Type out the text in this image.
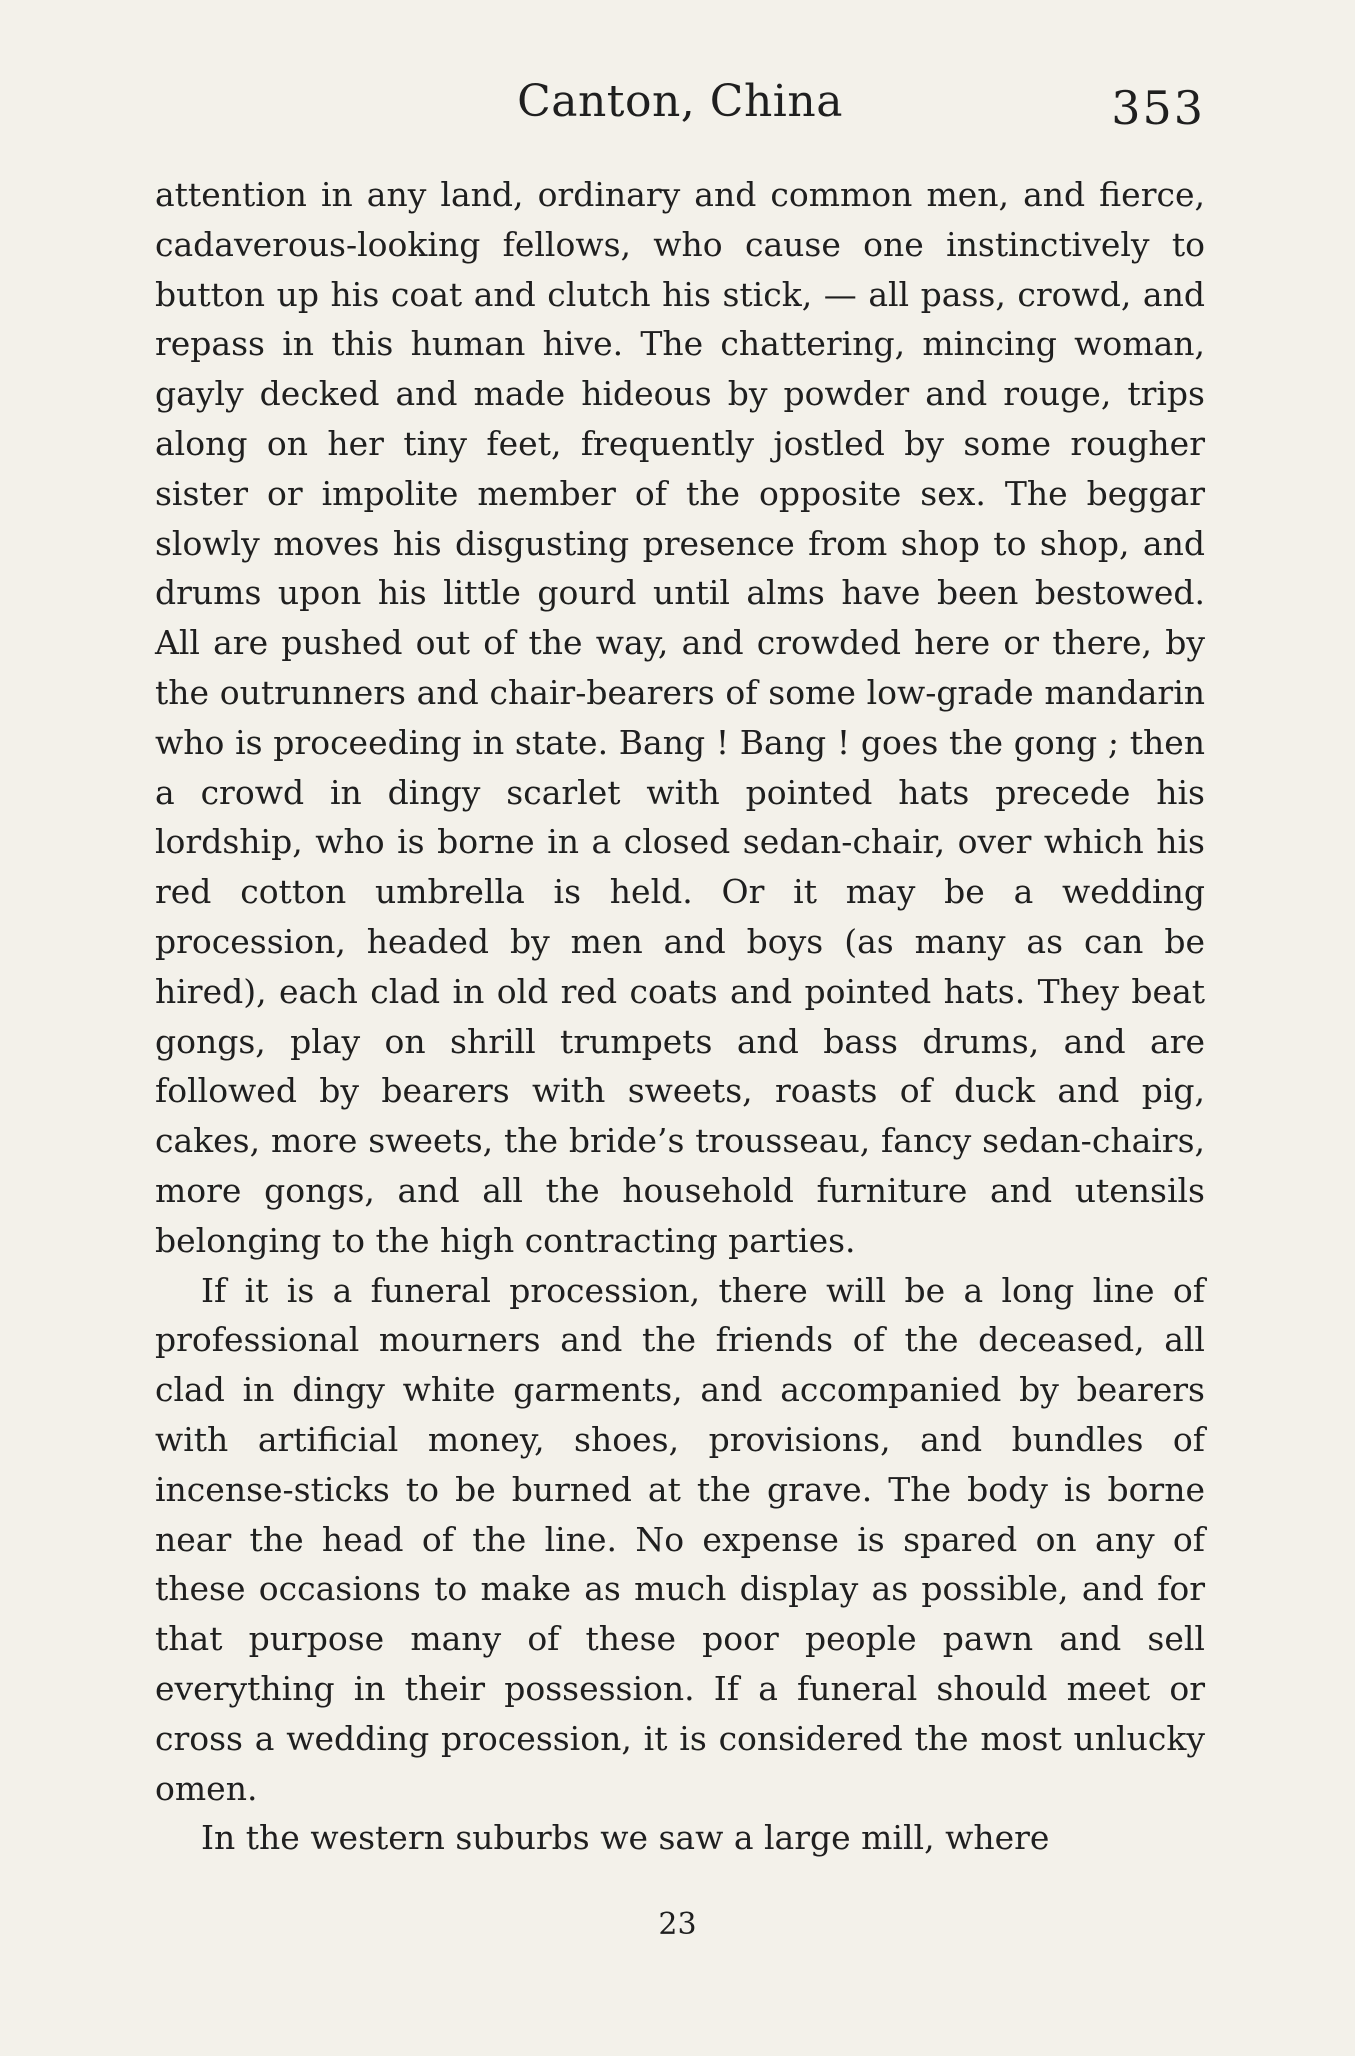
Canton, China	353

attention in any land, ordinary and common men, and fierce, cadaverous-looking fellows, who cause one instinctively to button up his coat and clutch his stick, — all pass, crowd, and repass in this human hive. The chattering, mincing woman, gayly decked and made hideous by powder and rouge, trips along on her tiny feet, frequently jostled by some rougher sister or impolite member of the opposite sex. The beggar slowly moves his disgusting presence from shop to shop, and drums upon his little gourd until alms have been bestowed. All are pushed out of the way, and crowded here or there, by the outrunners and chair-bearers of some low-grade mandarin who is proceeding in state. Bang ! Bang ! goes the gong ; then a crowd in dingy scarlet with pointed hats precede his lordship, who is borne in a closed sedan-chair, over which his red cotton umbrella is held. Or it may be a wedding procession, headed by men and boys (as many as can be hired), each clad in old red coats and pointed hats. They beat gongs, play on shrill trumpets and bass drums, and are followed by bearers with sweets, roasts of duck and pig, cakes, more sweets, the bride’s trousseau, fancy sedan-chairs, more gongs, and all the household furniture and utensils belonging to the high contracting parties.

If it is a funeral procession, there will be a long line of professional mourners and the friends of the deceased, all clad in dingy white garments, and accompanied by bearers with artificial money, shoes, provisions, and bundles of incense-sticks to be burned at the grave. The body is borne near the head of the line. No expense is spared on any of these occasions to make as much display as possible, and for that purpose many of these poor people pawn and sell everything in their possession. If a funeral should meet or cross a wedding procession, it is considered the most unlucky omen.

In the western suburbs we saw a large mill, where

23
